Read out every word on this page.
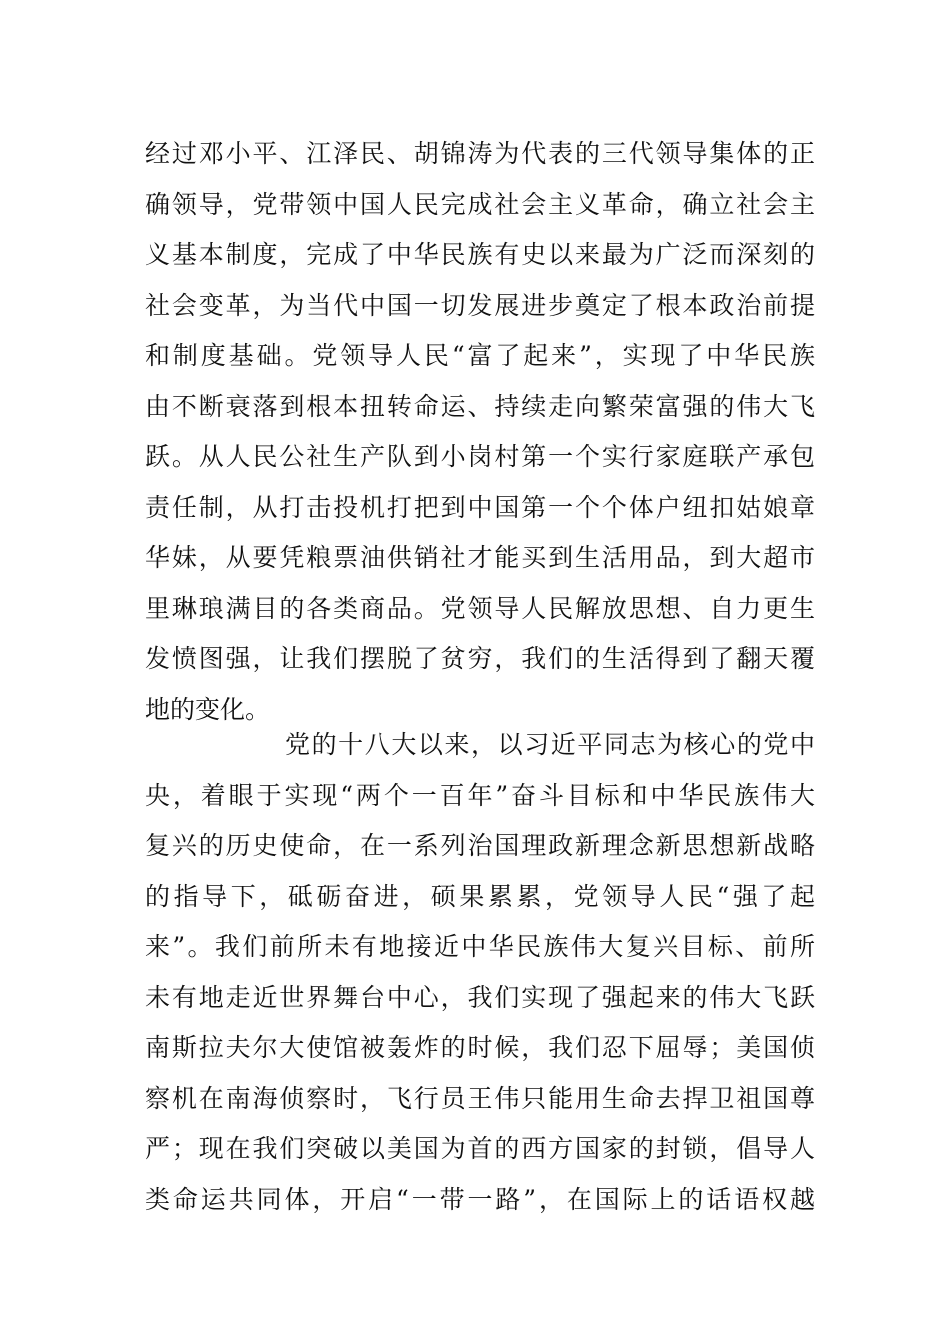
经过邓小平、江泽民、胡锦涛为代表的三代领导集体的正
确领导，党带领中国人民完成社会主义革命，确立社会主
义基本制度，完成了中华民族有史以来最为广泛而深刻的
社会变革，为当代中国一切发展进步奠定了根本政治前提
和制度基础。党领导人民“富了起来”，实现了中华民族
由不断衰落到根本扭转命运、持续走向繁荣富强的伟大飞
跃。从人民公社生产队到小岗村第一个实行家庭联产承包
责任制，从打击投机打把到中国第一个个体户纽扣姑娘章
华妹，从要凭粮票油供销社才能买到生活用品，到大超市
里琳琅满目的各类商品。党领导人民解放思想、自力更生
发愤图强，让我们摆脱了贫穷，我们的生活得到了翻天覆
地的变化。
党的十八大以来，以习近平同志为核心的党中
央，着眼于实现“两个一百年”奋斗目标和中华民族伟大
复兴的历史使命，在一系列治国理政新理念新思想新战略
的指导下，砥砺奋进，硕果累累，党领导人民“强了起
来”。我们前所未有地接近中华民族伟大复兴目标、前所
未有地走近世界舞台中心，我们实现了强起来的伟大飞跃
南斯拉夫尔大使馆被轰炸的时候，我们忍下屈辱；美国侦
察机在南海侦察时，飞行员王伟只能用生命去捍卫祖国尊
严；现在我们突破以美国为首的西方国家的封锁，倡导人
类命运共同体，开启“一带一路”，在国际上的话语权越
